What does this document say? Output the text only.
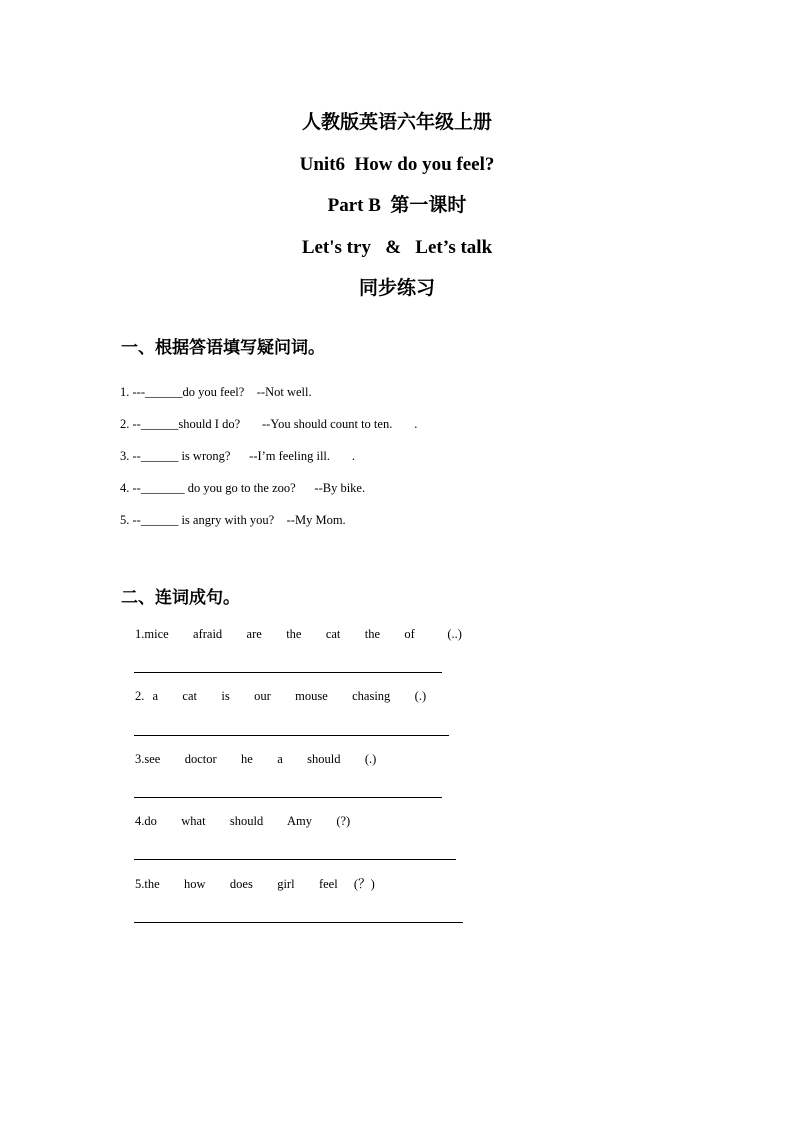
人教版英语六年级上册
Unit6  How do you feel?
Part B  第一课时
Let's try   &   Let’s talk
同步练习
一、根据答语填写疑问词。
1. ---______do you feel?    --Not well.
2. --______should I do?       --You should count to ten.       .
3. --______ is wrong?      --I’m feeling ill.       .
4. --_______ do you go to the zoo?      --By bike.
5. --______ is angry with you?    --My Mom.
二、连词成句。
1.mice   afraid   are   the   cat   the   of    (..)
2. a   cat   is   our   mouse   chasing   (.)
3.see   doctor   he   a   should   (.)
4.do   what   should   Amy   (?)
5.the   how   does   girl   feel  (？)
